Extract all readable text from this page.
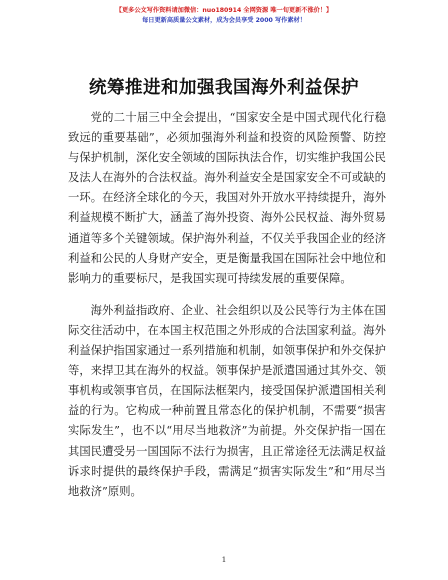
【更多公文写作资料请加微信：nuo180914 全网资源 唯一旬更新不涨价！】
每日更新高质量公文素材，成为会员享受 2000 写作素材！
统筹推进和加强我国海外利益保护

党的二十届三中全会提出，“国家安全是中国式现代化行稳致远的重要基础”，必须加强海外利益和投资的风险预警、防控与保护机制，深化安全领域的国际执法合作，切实维护我国公民及法人在海外的合法权益。海外利益安全是国家安全不可或缺的一环。在经济全球化的今天，我国对外开放水平持续提升，海外利益规模不断扩大，涵盖了海外投资、海外公民权益、海外贸易通道等多个关键领域。保护海外利益，不仅关乎我国企业的经济利益和公民的人身财产安全，更是衡量我国在国际社会中地位和影响力的重要标尺，是我国实现可持续发展的重要保障。

海外利益指政府、企业、社会组织以及公民等行为主体在国际交往活动中，在本国主权范围之外形成的合法国家利益。海外利益保护指国家通过一系列措施和机制，如领事保护和外交保护等，来捍卫其在海外的权益。领事保护是派遣国通过其外交、领事机构或领事官员，在国际法框架内，接受国保护派遣国相关利益的行为。它构成一种前置且常态化的保护机制，不需要“损害实际发生”，也不以“用尽当地救济”为前提。外交保护指一国在其国民遭受另一国国际不法行为损害，且正常途径无法满足权益诉求时提供的最终保护手段，需满足“损害实际发生”和“用尽当地救济”原则。

1
